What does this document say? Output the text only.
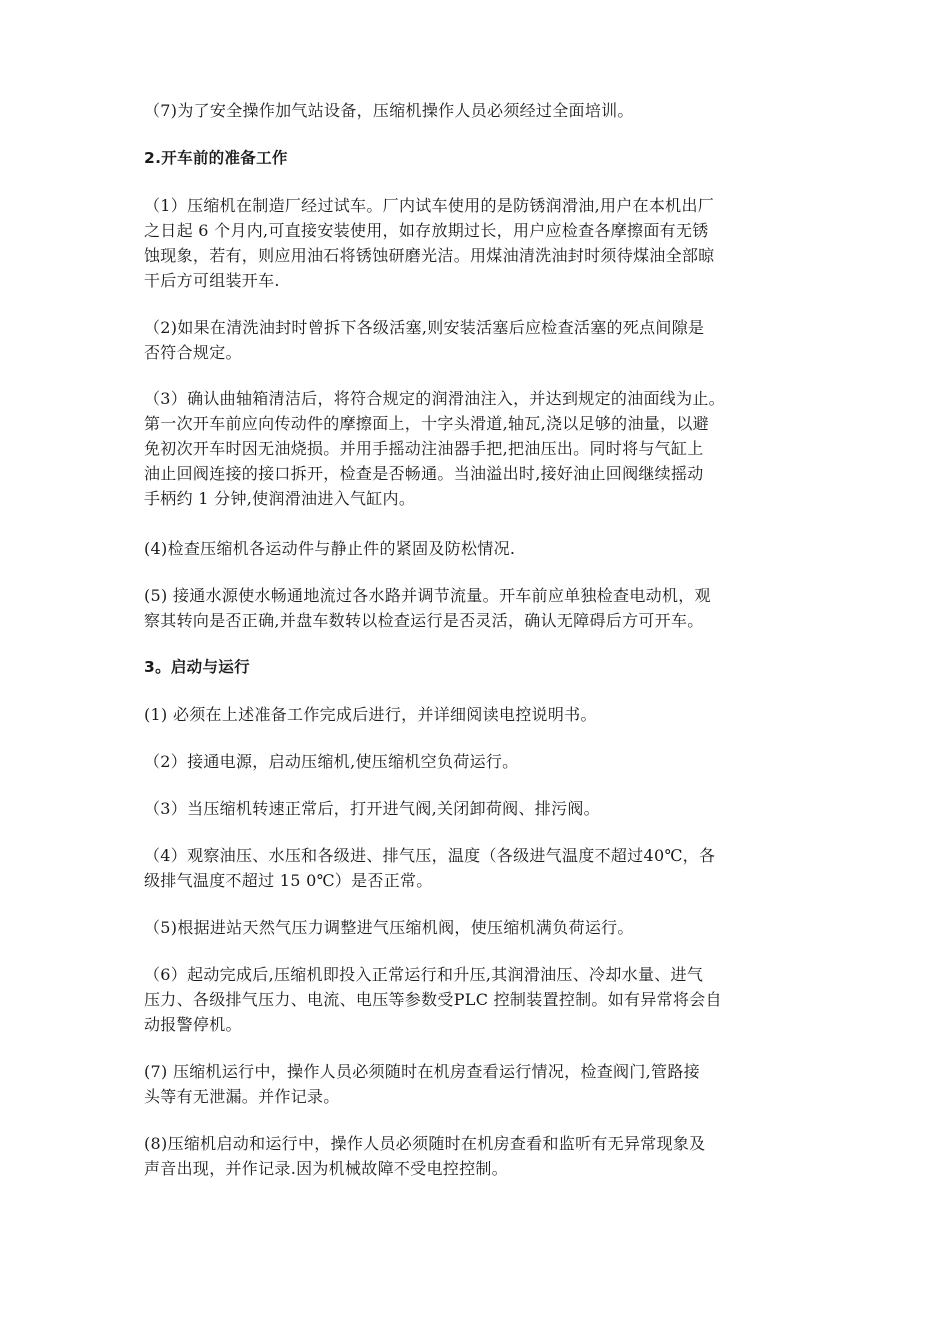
（7)为了安全操作加气站设备，压缩机操作人员必须经过全面培训。
2.开车前的准备工作
（1）压缩机在制造厂经过试车。厂内试车使用的是防锈润滑油,用户在本机出厂
之日起 6 个月内,可直接安装使用，如存放期过长，用户应检查各摩擦面有无锈
蚀现象，若有，则应用油石将锈蚀研磨光洁。用煤油清洗油封时须待煤油全部晾
干后方可组装开车.
（2)如果在清洗油封时曾拆下各级活塞,则安装活塞后应检查活塞的死点间隙是
否符合规定。
（3）确认曲轴箱清洁后，将符合规定的润滑油注入，并达到规定的油面线为止。
第一次开车前应向传动件的摩擦面上，十字头滑道,轴瓦,浇以足够的油量，以避
免初次开车时因无油烧损。并用手摇动注油器手把,把油压出。同时将与气缸上
油止回阀连接的接口拆开，检查是否畅通。当油溢出时,接好油止回阀继续摇动
手柄约 1 分钟,使润滑油进入气缸内。
(4)检查压缩机各运动件与静止件的紧固及防松情况.
(5) 接通水源使水畅通地流过各水路并调节流量。开车前应单独检查电动机，观
察其转向是否正确,并盘车数转以检查运行是否灵活，确认无障碍后方可开车。
3。启动与运行
(1) 必须在上述准备工作完成后进行，并详细阅读电控说明书。
（2）接通电源，启动压缩机,使压缩机空负荷运行。
（3）当压缩机转速正常后，打开进气阀,关闭卸荷阀、排污阀。
（4）观察油压、水压和各级进、排气压，温度（各级进气温度不超过40℃，各
级排气温度不超过 15 0℃）是否正常。
（5)根据进站天然气压力调整进气压缩机阀，使压缩机满负荷运行。
（6）起动完成后,压缩机即投入正常运行和升压,其润滑油压、冷却水量、进气
压力、各级排气压力、电流、电压等参数受PLC 控制装置控制。如有异常将会自
动报警停机。
(7) 压缩机运行中，操作人员必须随时在机房查看运行情况，检查阀门,管路接
头等有无泄漏。并作记录。
(8)压缩机启动和运行中，操作人员必须随时在机房查看和监听有无异常现象及
声音出现，并作记录.因为机械故障不受电控控制。
